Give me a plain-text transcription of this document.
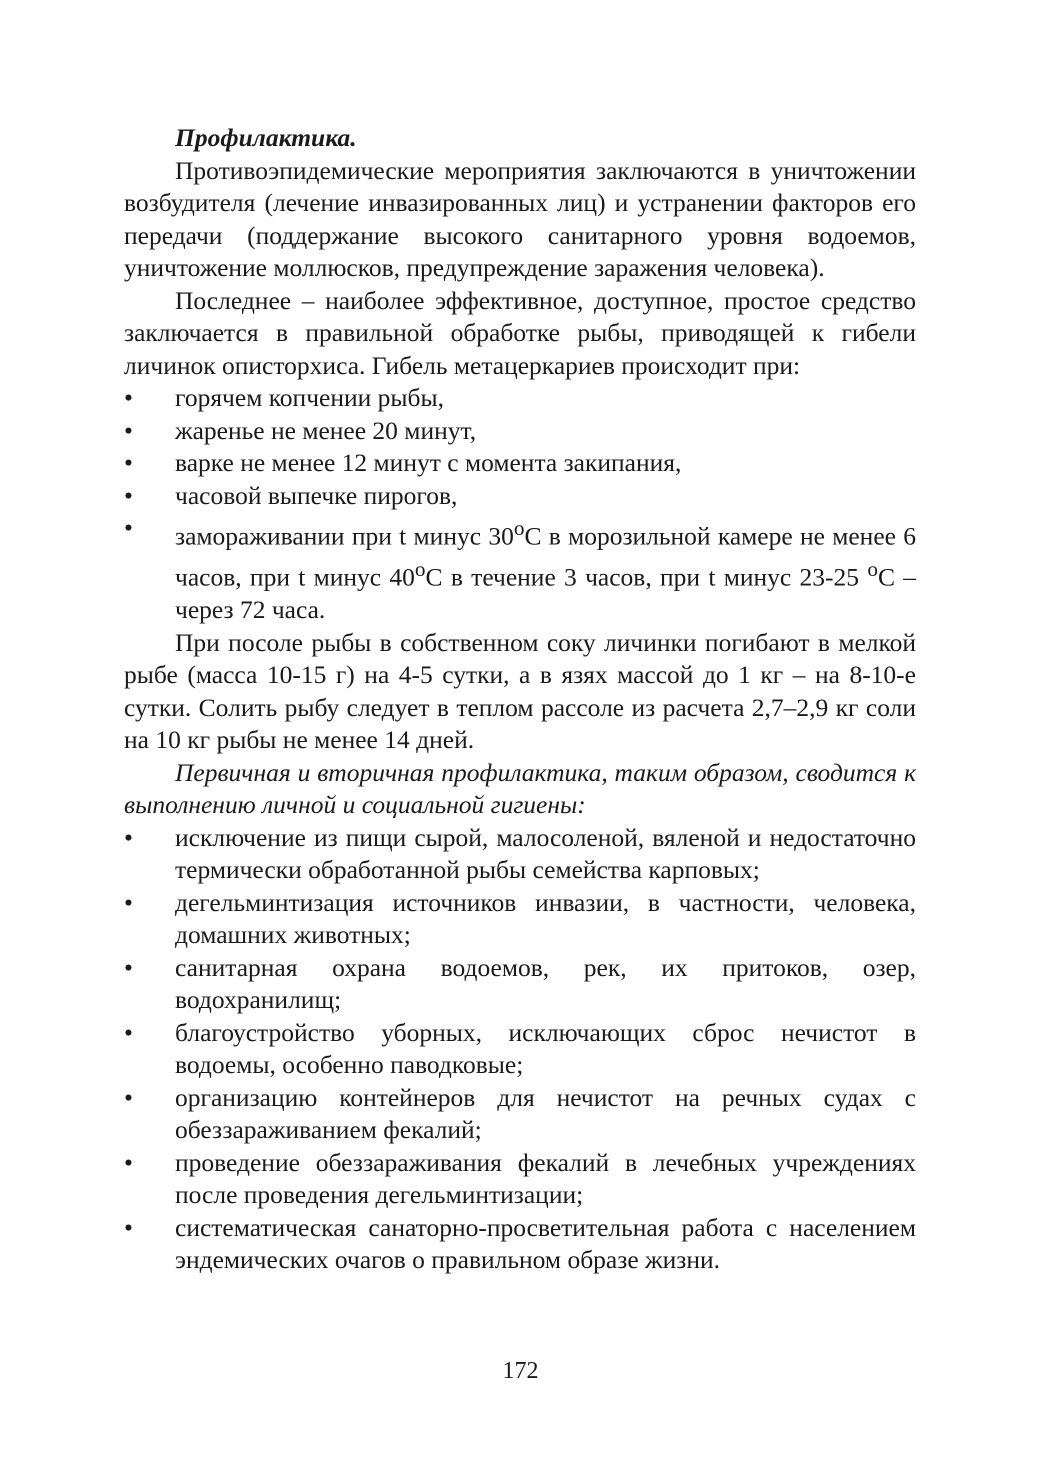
Профилактика.

Противоэпидемические мероприятия заключаются в уничтожении возбудителя (лечение инвазированных лиц) и устранении факторов его передачи (поддержание высокого санитарного уровня водоемов, уничтожение моллюсков, предупреждение заражения человека).

Последнее – наиболее эффективное, доступное, простое средство заключается в правильной обработке рыбы, приводящей к гибели личинок описторхиса. Гибель метацеркариев происходит при:

• горячем копчении рыбы,
• жаренье не менее 20 минут,
• варке не менее 12 минут с момента закипания,
• часовой выпечке пирогов,
• замораживании при t минус $30^оС$ в морозильной камере не менее 6 часов, при t минус $40^оС$ в течение 3 часов, при t минус 23-25 $^о$С – через 72 часа.

При посоле рыбы в собственном соку личинки погибают в мелкой рыбе (масса 10-15 г) на 4-5 сутки, а в язях массой до 1 кг – на 8-10-е сутки. Солить рыбу следует в теплом рассоле из расчета 2,7–2,9 кг соли на 10 кг рыбы не менее 14 дней.

Первичная и вторичная профилактика, таким образом, сводится к выполнению личной и социальной гигиены:

• исключение из пищи сырой, малосоленой, вяленой и недостаточно термически обработанной рыбы семейства карповых;
• дегельминтизация источников инвазии, в частности, человека, домашних животных;
• санитарная охрана водоемов, рек, их притоков, озер, водохранилищ;
• благоустройство уборных, исключающих сброс нечистот в водоемы, особенно паводковые;
• организацию контейнеров для нечистот на речных судах с обеззараживанием фекалий;
• проведение обеззараживания фекалий в лечебных учреждениях после проведения дегельминтизации;
• систематическая санаторно-просветительная работа с населением эндемических очагов о правильном образе жизни.
172
